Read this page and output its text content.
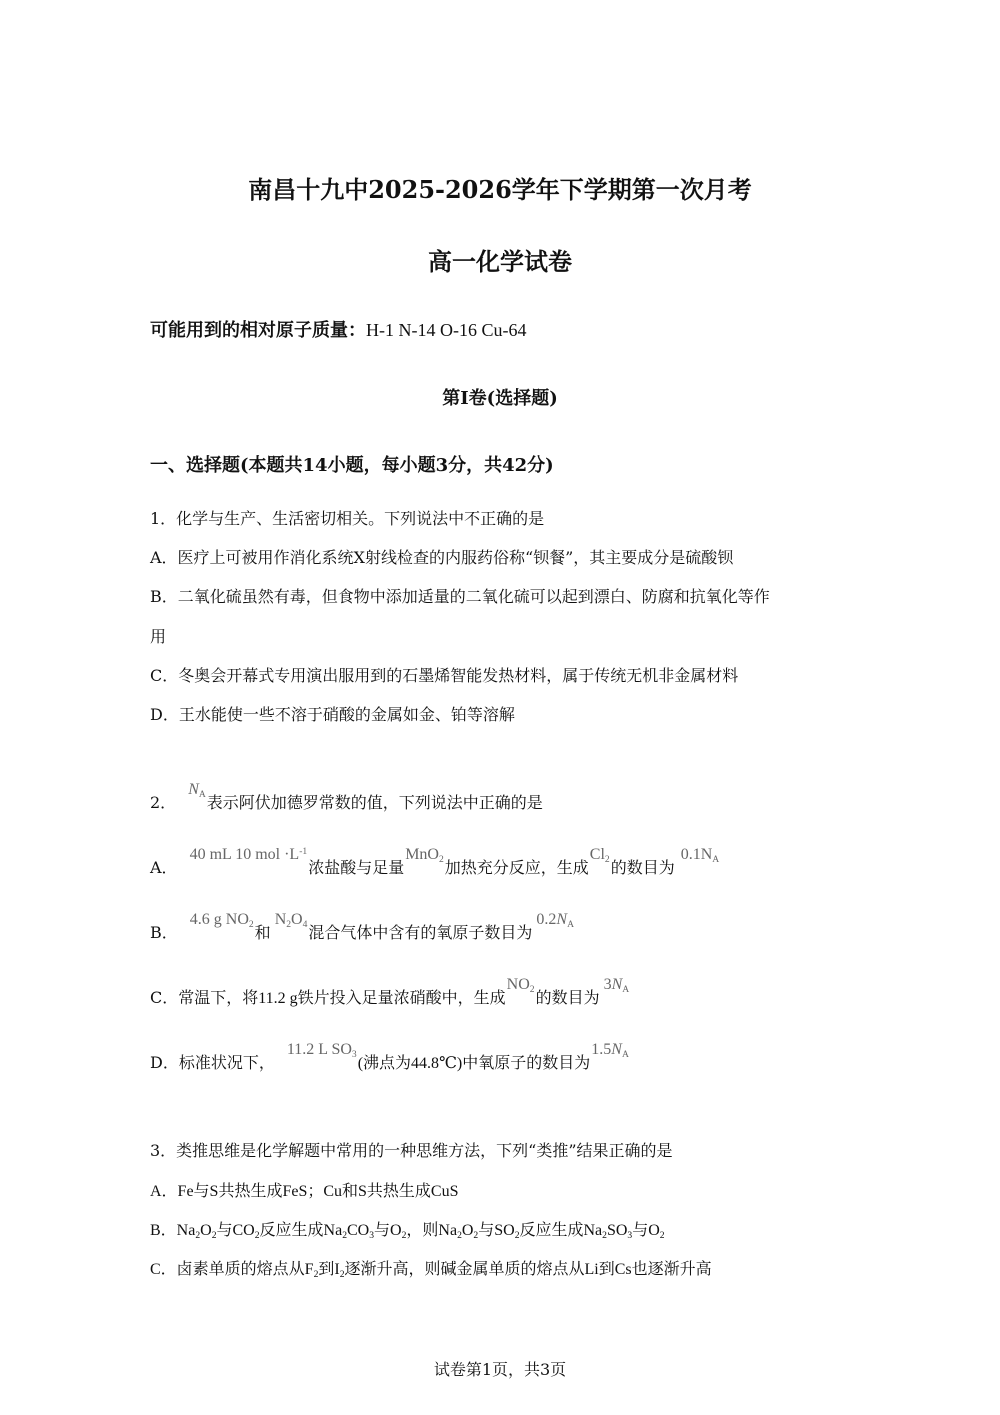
南昌十九中2025-2026学年下学期第一次月考
高一化学试卷
可能用到的相对原子质量：H-1 N-14 O-16 Cu-64
第Ⅰ卷(选择题)
一、选择题(本题共14小题，每小题3分，共42分)
1．化学与生产、生活密切相关。下列说法中不正确的是
A．医疗上可被用作消化系统X射线检查的内服药俗称“钡餐”，其主要成分是硫酸钡
B．二氧化硫虽然有毒，但食物中添加适量的二氧化硫可以起到漂白、防腐和抗氧化等作
用
C．冬奥会开幕式专用演出服用到的石墨烯智能发热材料，属于传统无机非金属材料
D．王水能使一些不溶于硝酸的金属如金、铂等溶解
2．$N_A$表示阿伏加德罗常数的值，下列说法中正确的是
A．40 mL 10 mol $\cdot L^{-1}$浓盐酸与足量MnO$_2$加热充分反应，生成$Cl_2$的数目为$0.1N_A$
B．4.6 g $NO_2$和$N_2O_4$混合气体中含有的氧原子数目为$0.2N_A$
C．常温下，将11.2 g铁片投入足量浓硝酸中，生成$NO_2$的数目为$3N_A$
D．标准状况下，11.2 L $SO_3$(沸点为44.8℃)中氧原子的数目为$1.5N_A$
3．类推思维是化学解题中常用的一种思维方法，下列“类推”结果正确的是
A．Fe与S共热生成FeS；Cu和S共热生成CuS
B．$Na_2O_2$与$CO_2$反应生成$Na_2CO_3$与$O_2$，则$Na_2O_2$与$SO_2$反应生成$Na_2SO_3$与$O_2$
C．卤素单质的熔点从$F_2$到$I_2$逐渐升高，则碱金属单质的熔点从Li到Cs也逐渐升高
试卷第1页，共3页
